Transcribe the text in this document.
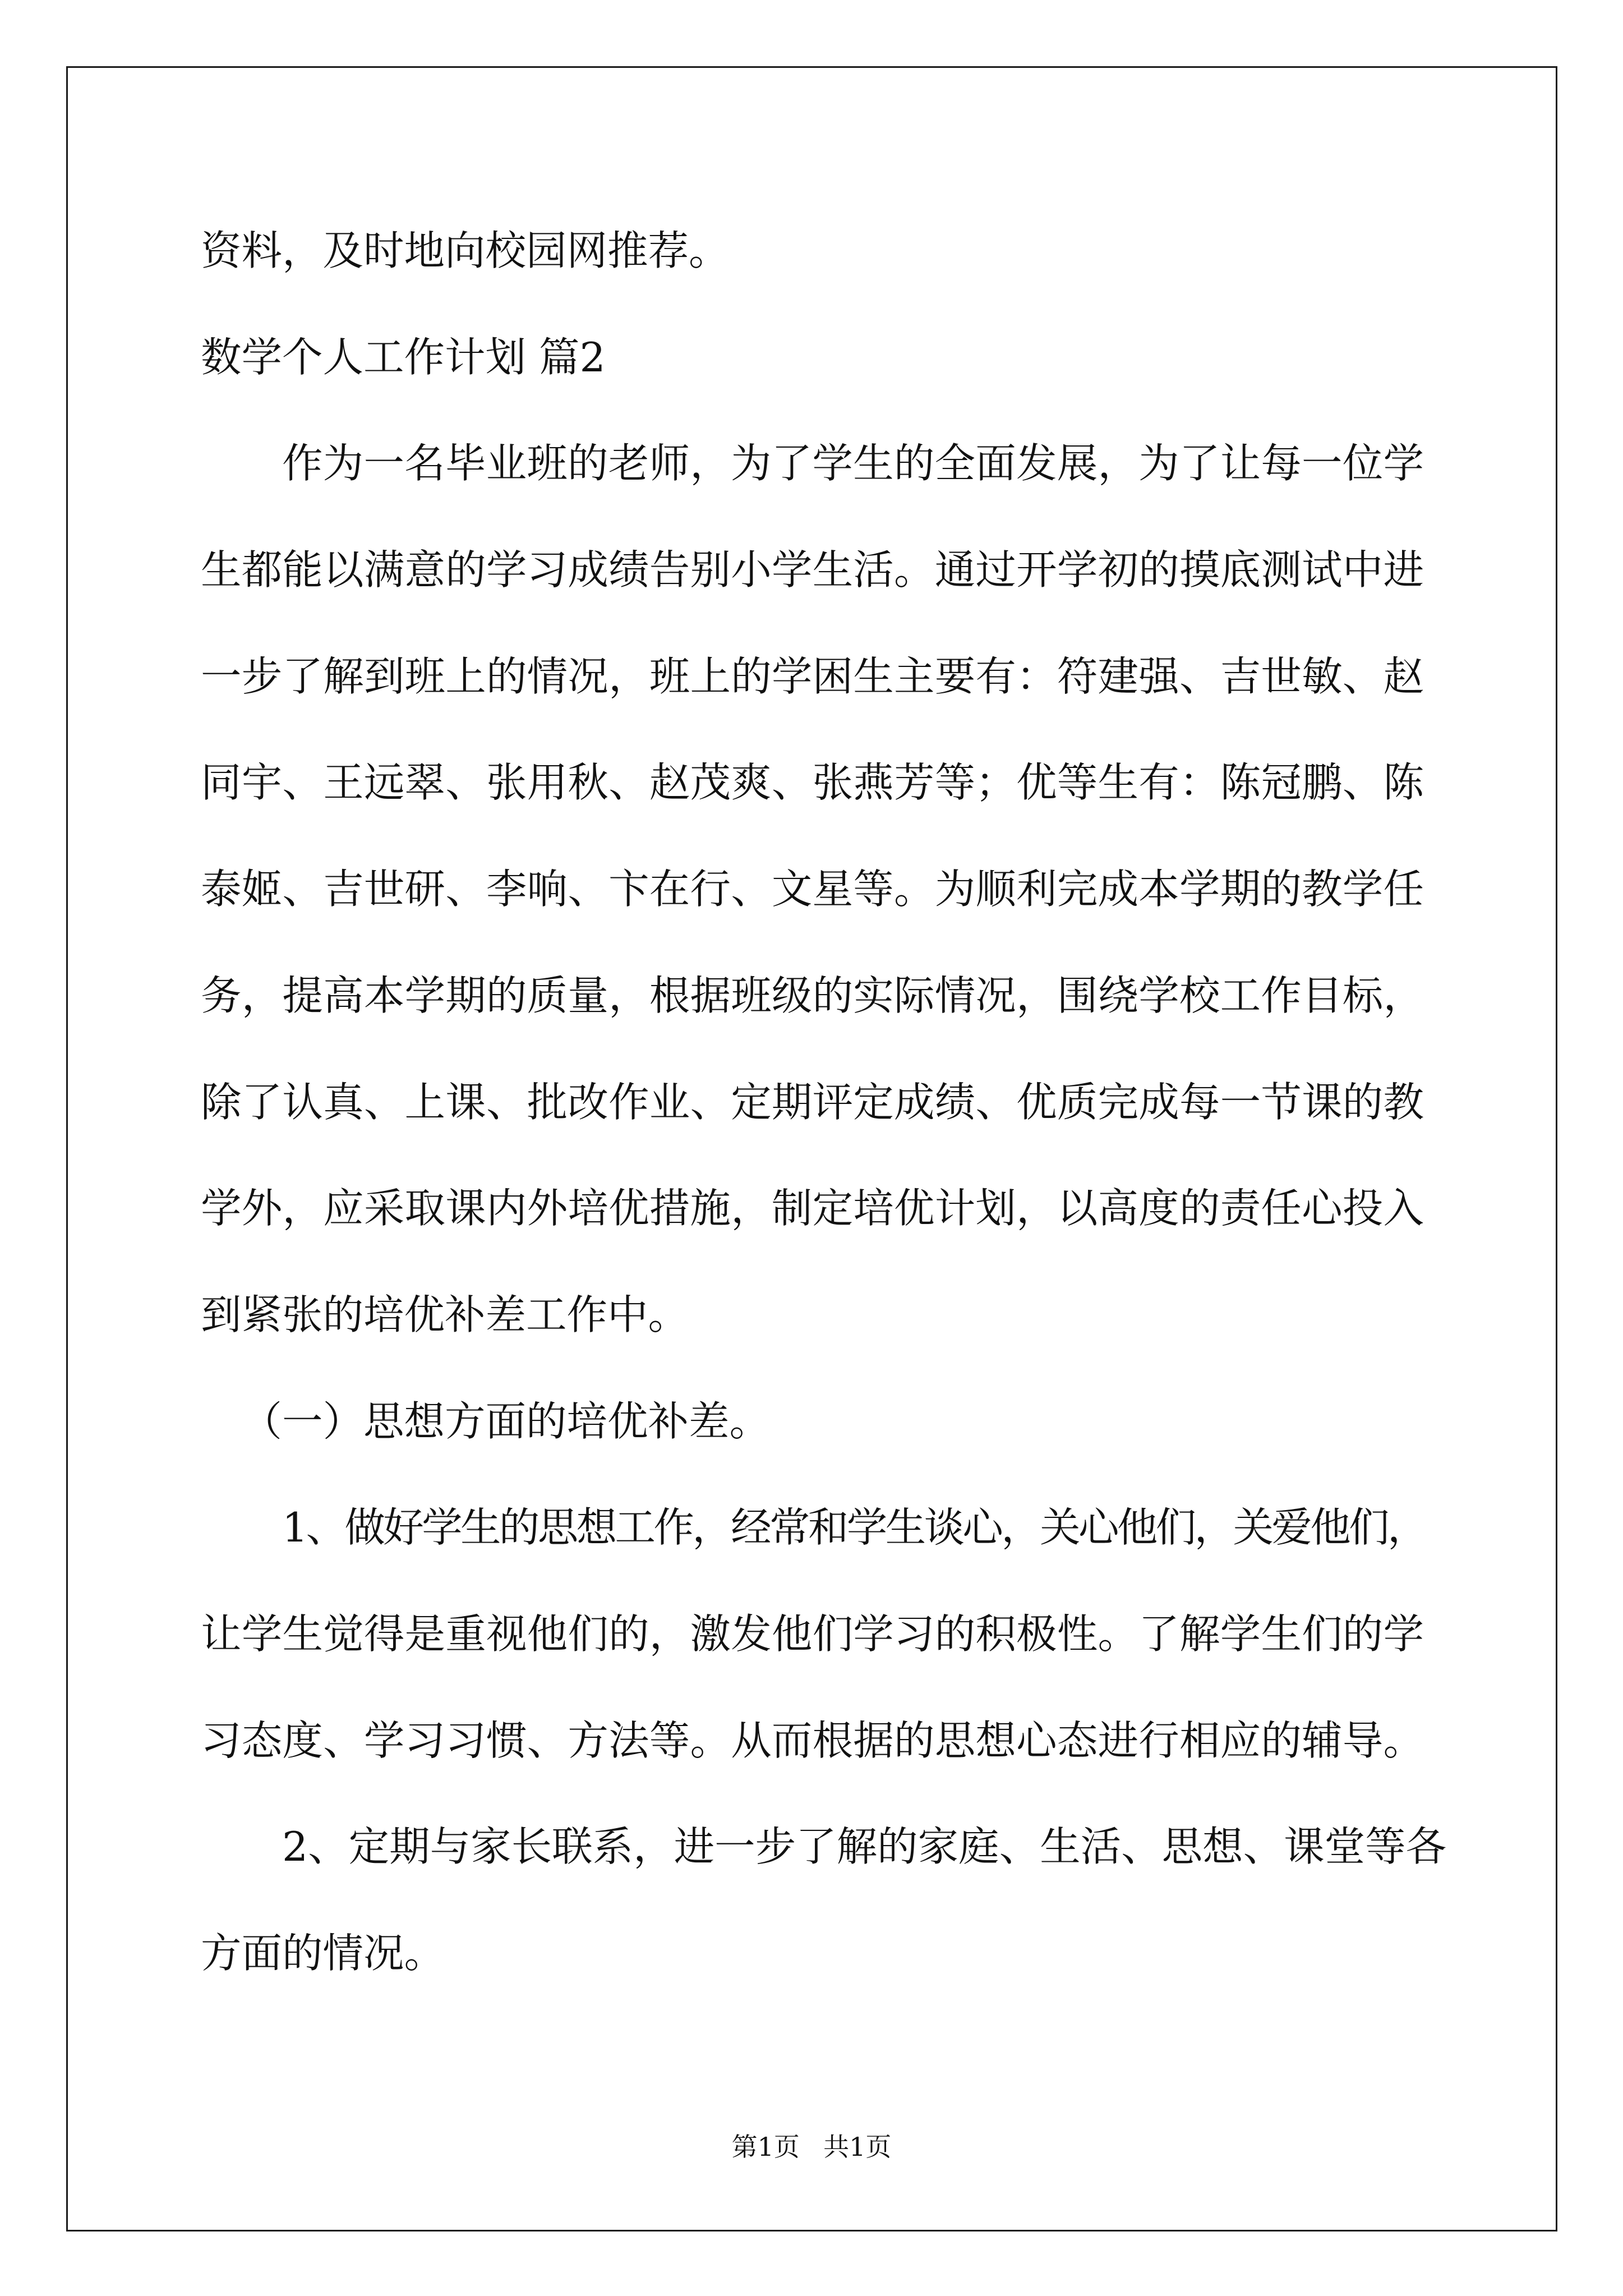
资料，及时地向校园网推荐。
数学个人工作计划 篇2
作为一名毕业班的老师，为了学生的全面发展，为了让每一位学
生都能以满意的学习成绩告别小学生活。通过开学初的摸底测试中进
一步了解到班上的情况，班上的学困生主要有：符建强、吉世敏、赵
同宇、王远翠、张用秋、赵茂爽、张燕芳等；优等生有：陈冠鹏、陈
泰姬、吉世研、李响、卞在行、文星等。为顺利完成本学期的教学任
务，提高本学期的质量，根据班级的实际情况，围绕学校工作目标，
除了认真、上课、批改作业、定期评定成绩、优质完成每一节课的教
学外，应采取课内外培优措施，制定培优计划，以高度的责任心投入
到紧张的培优补差工作中。
（一）思想方面的培优补差。
1、做好学生的思想工作，经常和学生谈心，关心他们，关爱他们，
让学生觉得是重视他们的，激发他们学习的积极性。了解学生们的学
习态度、学习习惯、方法等。从而根据的思想心态进行相应的辅导。
2、定期与家长联系，进一步了解的家庭、生活、思想、课堂等各
方面的情况。
第1页 共1页
